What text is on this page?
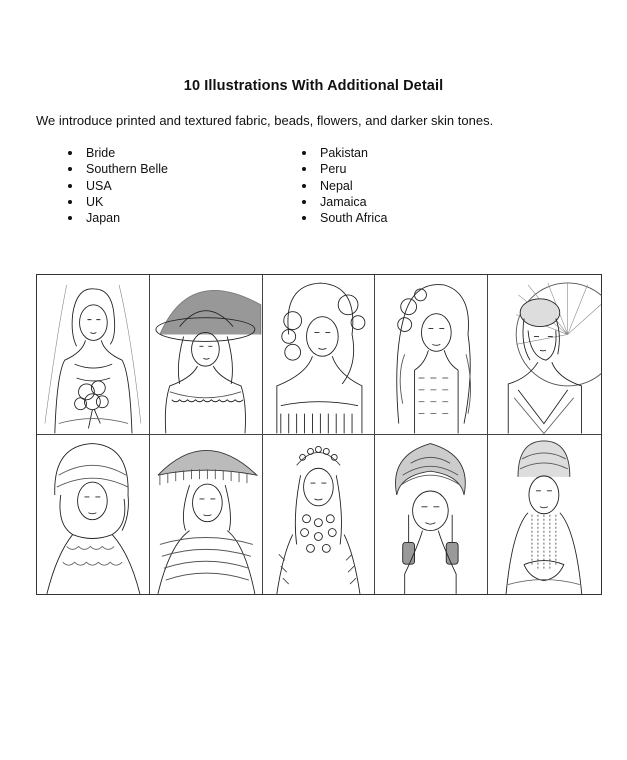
10 Illustrations With Additional Detail
We introduce printed and textured fabric, beads, flowers, and darker skin tones.
Bride
Southern Belle
USA
UK
Japan
Pakistan
Peru
Nepal
Jamaica
South Africa
